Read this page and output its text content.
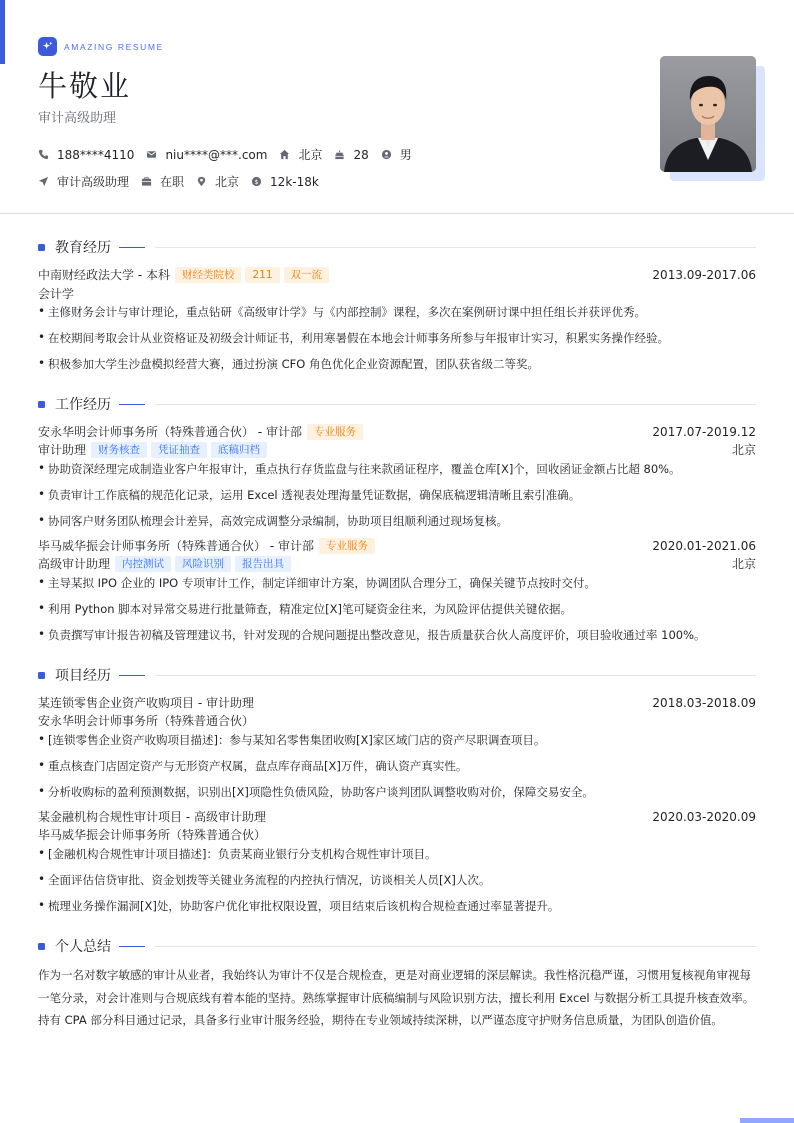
AMAZING RESUME
牛敬业
审计高级助理
188****4110	niu****@***.com	北京	28	男
审计高级助理	在职	北京 $ 12k-18k
教育经历
中南财经政法大学 - 本科	财经类院校	211	双一流	2013.09-2017.06
会计学
• 主修财务会计与审计理论，重点钻研《高级审计学》与《内部控制》课程，多次在案例研讨课中担任组长并获评优秀。
• 在校期间考取会计从业资格证及初级会计师证书，利用寒暑假在本地会计师事务所参与年报审计实习，积累实务操作经验。
• 积极参加大学生沙盘模拟经营大赛，通过扮演 CFO 角色优化企业资源配置，团队获省级二等奖。
工作经历
安永华明会计师事务所（特殊普通合伙） - 审计部	专业服务	2017.07-2019.12
审计助理	财务核查	凭证抽查	底稿归档	北京
• 协助资深经理完成制造业客户年报审计，重点执行存货监盘与往来款函证程序，覆盖仓库[X]个，回收函证金额占比超 80%。
• 负责审计工作底稿的规范化记录，运用 Excel 透视表处理海量凭证数据，确保底稿逻辑清晰且索引准确。
• 协同客户财务团队梳理会计差异，高效完成调整分录编制，协助项目组顺利通过现场复核。
毕马威华振会计师事务所（特殊普通合伙） - 审计部	专业服务	2020.01-2021.06
高级审计助理	内控测试	风险识别	报告出具	北京
• 主导某拟 IPO 企业的 IPO 专项审计工作，制定详细审计方案，协调团队合理分工，确保关键节点按时交付。
• 利用 Python 脚本对异常交易进行批量筛查，精准定位[X]笔可疑资金往来，为风险评估提供关键依据。
• 负责撰写审计报告初稿及管理建议书，针对发现的合规问题提出整改意见，报告质量获合伙人高度评价，项目验收通过率 100%。
项目经历
某连锁零售企业资产收购项目 - 审计助理	2018.03-2018.09
安永华明会计师事务所（特殊普通合伙）
• [连锁零售企业资产收购项目描述]：参与某知名零售集团收购[X]家区域门店的资产尽职调查项目。
• 重点核查门店固定资产与无形资产权属，盘点库存商品[X]万件，确认资产真实性。
• 分析收购标的盈利预测数据，识别出[X]项隐性负债风险，协助客户谈判团队调整收购对价，保障交易安全。
某金融机构合规性审计项目 - 高级审计助理	2020.03-2020.09
毕马威华振会计师事务所（特殊普通合伙）
• [金融机构合规性审计项目描述]：负责某商业银行分支机构合规性审计项目。
• 全面评估信贷审批、资金划拨等关键业务流程的内控执行情况，访谈相关人员[X]人次。
• 梳理业务操作漏洞[X]处，协助客户优化审批权限设置，项目结束后该机构合规检查通过率显著提升。
个人总结
作为一名对数字敏感的审计从业者，我始终认为审计不仅是合规检查，更是对商业逻辑的深层解读。我性格沉稳严谨，习惯用复核视角审视每一笔分录，对会计准则与合规底线有着本能的坚持。熟练掌握审计底稿编制与风险识别方法，擅长利用 Excel 与数据分析工具提升核查效率。持有 CPA 部分科目通过记录，具备多行业审计服务经验，期待在专业领域持续深耕，以严谨态度守护财务信息质量，为团队创造价值。
